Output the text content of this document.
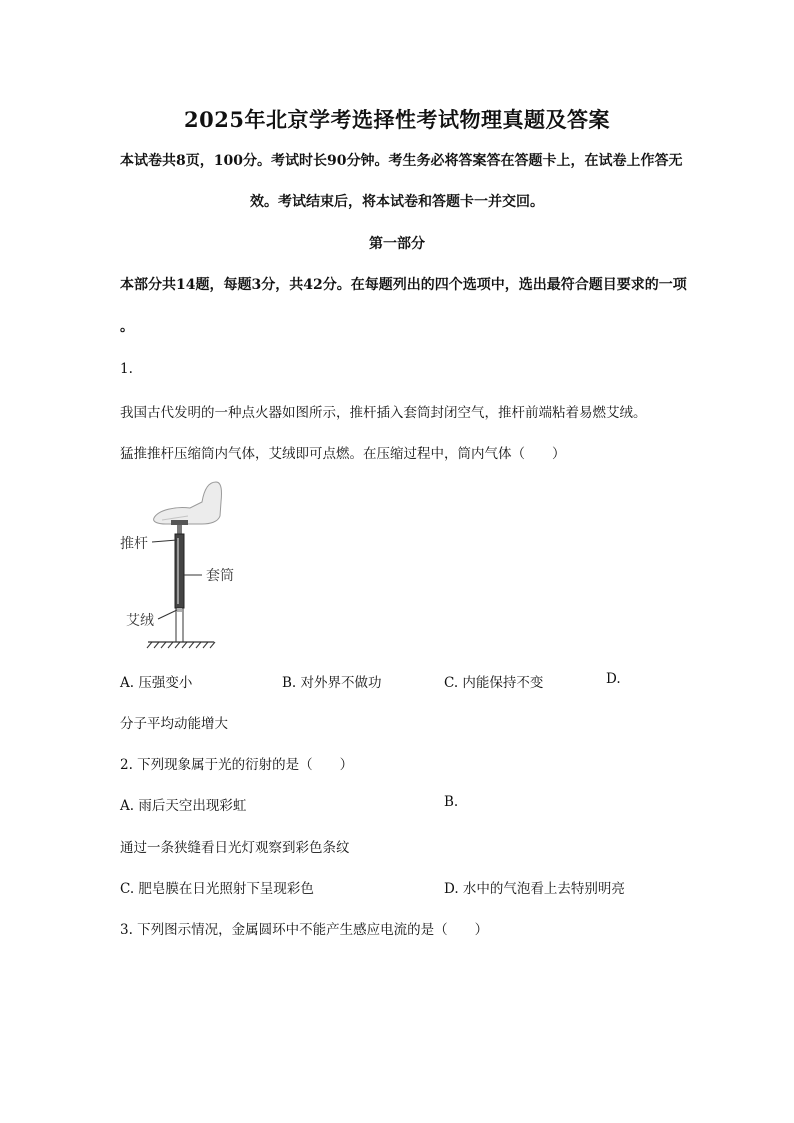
2025年北京学考选择性考试物理真题及答案
本试卷共8页，100分。考试时长90分钟。考生务必将答案答在答题卡上，在试卷上作答无
效。考试结束后，将本试卷和答题卡一并交回。
第一部分
本部分共14题，每题3分，共42分。在每题列出的四个选项中，选出最符合题目要求的一项
。
1.
我国古代发明的一种点火器如图所示，推杆插入套筒封闭空气，推杆前端粘着易燃艾绒。
猛推推杆压缩筒内气体，艾绒即可点燃。在压缩过程中，筒内气体（　　）
推杆
套筒
艾绒
A. 压强变小	B. 对外界不做功	C. 内能保持不变	D.
分子平均动能增大
2. 下列现象属于光的衍射的是（　　）
A. 雨后天空出现彩虹	B.
通过一条狭缝看日光灯观察到彩色条纹
C. 肥皂膜在日光照射下呈现彩色	D. 水中的气泡看上去特别明亮
3. 下列图示情况，金属圆环中不能产生感应电流的是（　　）
